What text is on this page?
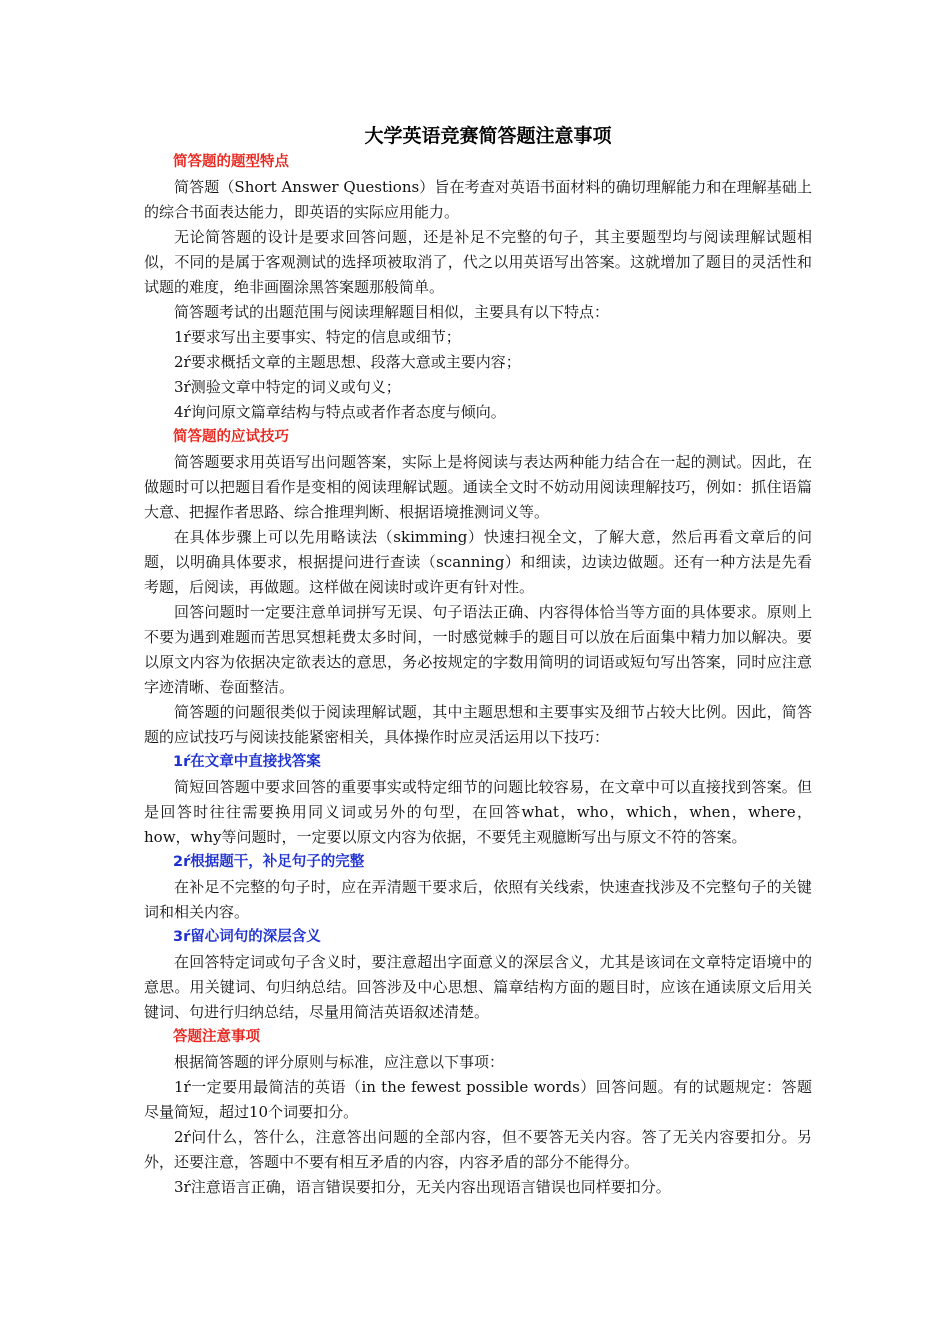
大学英语竞赛简答题注意事项

简答题的题型特点

简答题（Short Answer Questions）旨在考查对英语书面材料的确切理解能力和在理解基础上的综合书面表达能力，即英语的实际应用能力。

无论简答题的设计是要求回答问题，还是补足不完整的句子，其主要题型均与阅读理解试题相似，不同的是属于客观测试的选择项被取消了，代之以用英语写出答案。这就增加了题目的灵活性和试题的难度，绝非画圈涂黑答案题那般简单。

简答题考试的出题范围与阅读理解题目相似，主要具有以下特点：

1ŕ要求写出主要事实、特定的信息或细节；

2ŕ要求概括文章的主题思想、段落大意或主要内容；

3ŕ测验文章中特定的词义或句义；

4ŕ询问原文篇章结构与特点或者作者态度与倾向。

简答题的应试技巧

简答题要求用英语写出问题答案，实际上是将阅读与表达两种能力结合在一起的测试。因此，在做题时可以把题目看作是变相的阅读理解试题。通读全文时不妨动用阅读理解技巧，例如：抓住语篇大意、把握作者思路、综合推理判断、根据语境推测词义等。

在具体步骤上可以先用略读法（skimming）快速扫视全文，了解大意，然后再看文章后的问题，以明确具体要求，根据提问进行查读（scanning）和细读，边读边做题。还有一种方法是先看考题，后阅读，再做题。这样做在阅读时或许更有针对性。

回答问题时一定要注意单词拼写无误、句子语法正确、内容得体恰当等方面的具体要求。原则上不要为遇到难题而苦思冥想耗费太多时间，一时感觉棘手的题目可以放在后面集中精力加以解决。要以原文内容为依据决定欲表达的意思，务必按规定的字数用简明的词语或短句写出答案，同时应注意字迹清晰、卷面整洁。

简答题的问题很类似于阅读理解试题，其中主题思想和主要事实及细节占较大比例。因此，简答题的应试技巧与阅读技能紧密相关，具体操作时应灵活运用以下技巧：

1ŕ在文章中直接找答案

简短回答题中要求回答的重要事实或特定细节的问题比较容易，在文章中可以直接找到答案。但是回答时往往需要换用同义词或另外的句型，在回答what，who，which，when，where，how，why等问题时，一定要以原文内容为依据，不要凭主观臆断写出与原文不符的答案。

2ŕ根据题干，补足句子的完整

在补足不完整的句子时，应在弄清题干要求后，依照有关线索，快速查找涉及不完整句子的关键词和相关内容。

3ŕ留心词句的深层含义

在回答特定词或句子含义时，要注意超出字面意义的深层含义，尤其是该词在文章特定语境中的意思。用关键词、句归纳总结。回答涉及中心思想、篇章结构方面的题目时，应该在通读原文后用关键词、句进行归纳总结，尽量用简洁英语叙述清楚。

答题注意事项

根据简答题的评分原则与标准，应注意以下事项：

1ŕ一定要用最简洁的英语（in the fewest possible words）回答问题。有的试题规定：答题尽量简短，超过10个词要扣分。

2ŕ问什么，答什么，注意答出问题的全部内容，但不要答无关内容。答了无关内容要扣分。另外，还要注意，答题中不要有相互矛盾的内容，内容矛盾的部分不能得分。

3ŕ注意语言正确，语言错误要扣分，无关内容出现语言错误也同样要扣分。
